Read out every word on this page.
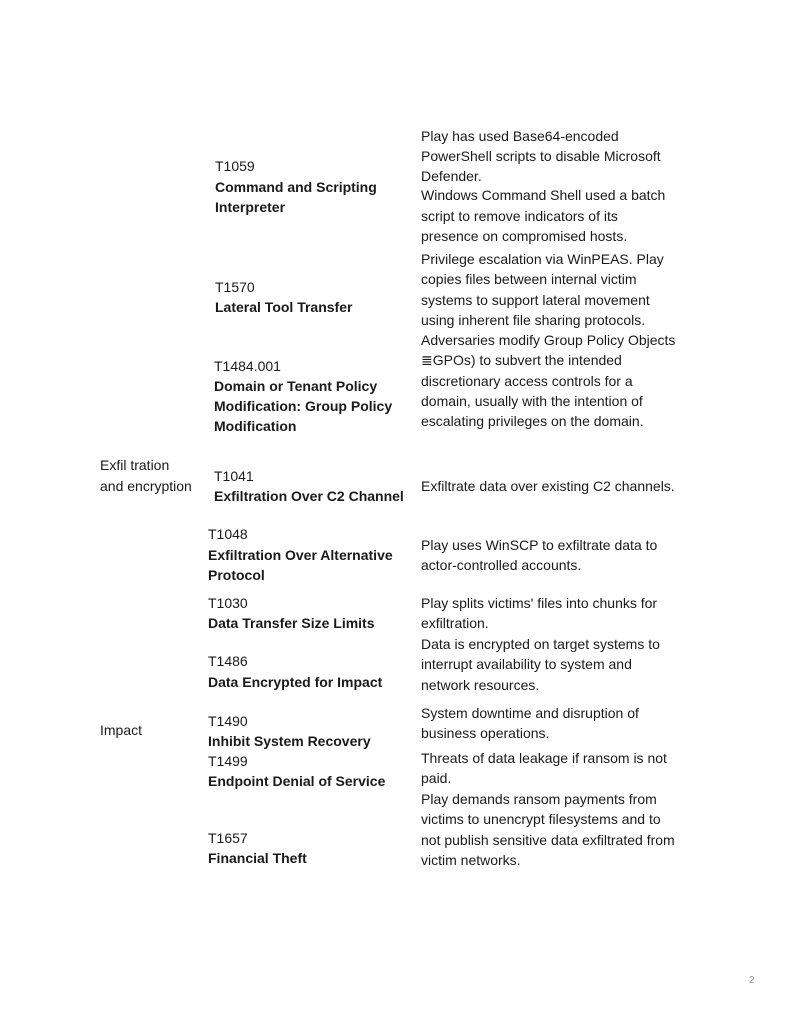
T1059
Command and Scripting
Interpreter
Play has used Base64-encoded
PowerShell scripts to disable Microsoft
Defender.
Windows Command Shell used a batch
script to remove indicators of its
presence on compromised hosts.
T1570
Lateral Tool Transfer
Privilege escalation via WinPEAS. Play
copies files between internal victim
systems to support lateral movement
using inherent file sharing protocols.
T1484.001
Domain or Tenant Policy
Modification: Group Policy
Modification
Adversaries modify Group Policy Objects
≣GPOs) to subvert the intended
discretionary access controls for a
domain, usually with the intention of
escalating privileges on the domain.
Exfil tration
and encryption
T1041
Exfiltration Over C2 Channel
Exfiltrate data over existing C2 channels.
T1048
Exfiltration Over Alternative
Protocol
Play uses WinSCP to exfiltrate data to
actor-controlled accounts.
T1030
Data Transfer Size Limits
Play splits victims' files into chunks for
exfiltration.
T1486
Data Encrypted for Impact
Data is encrypted on target systems to
interrupt availability to system and
network resources.
Impact
T1490
Inhibit System Recovery
System downtime and disruption of
business operations.
T1499
Endpoint Denial of Service
Threats of data leakage if ransom is not
paid.
T1657
Financial Theft
Play demands ransom payments from
victims to unencrypt filesystems and to
not publish sensitive data exfiltrated from
victim networks.
2
